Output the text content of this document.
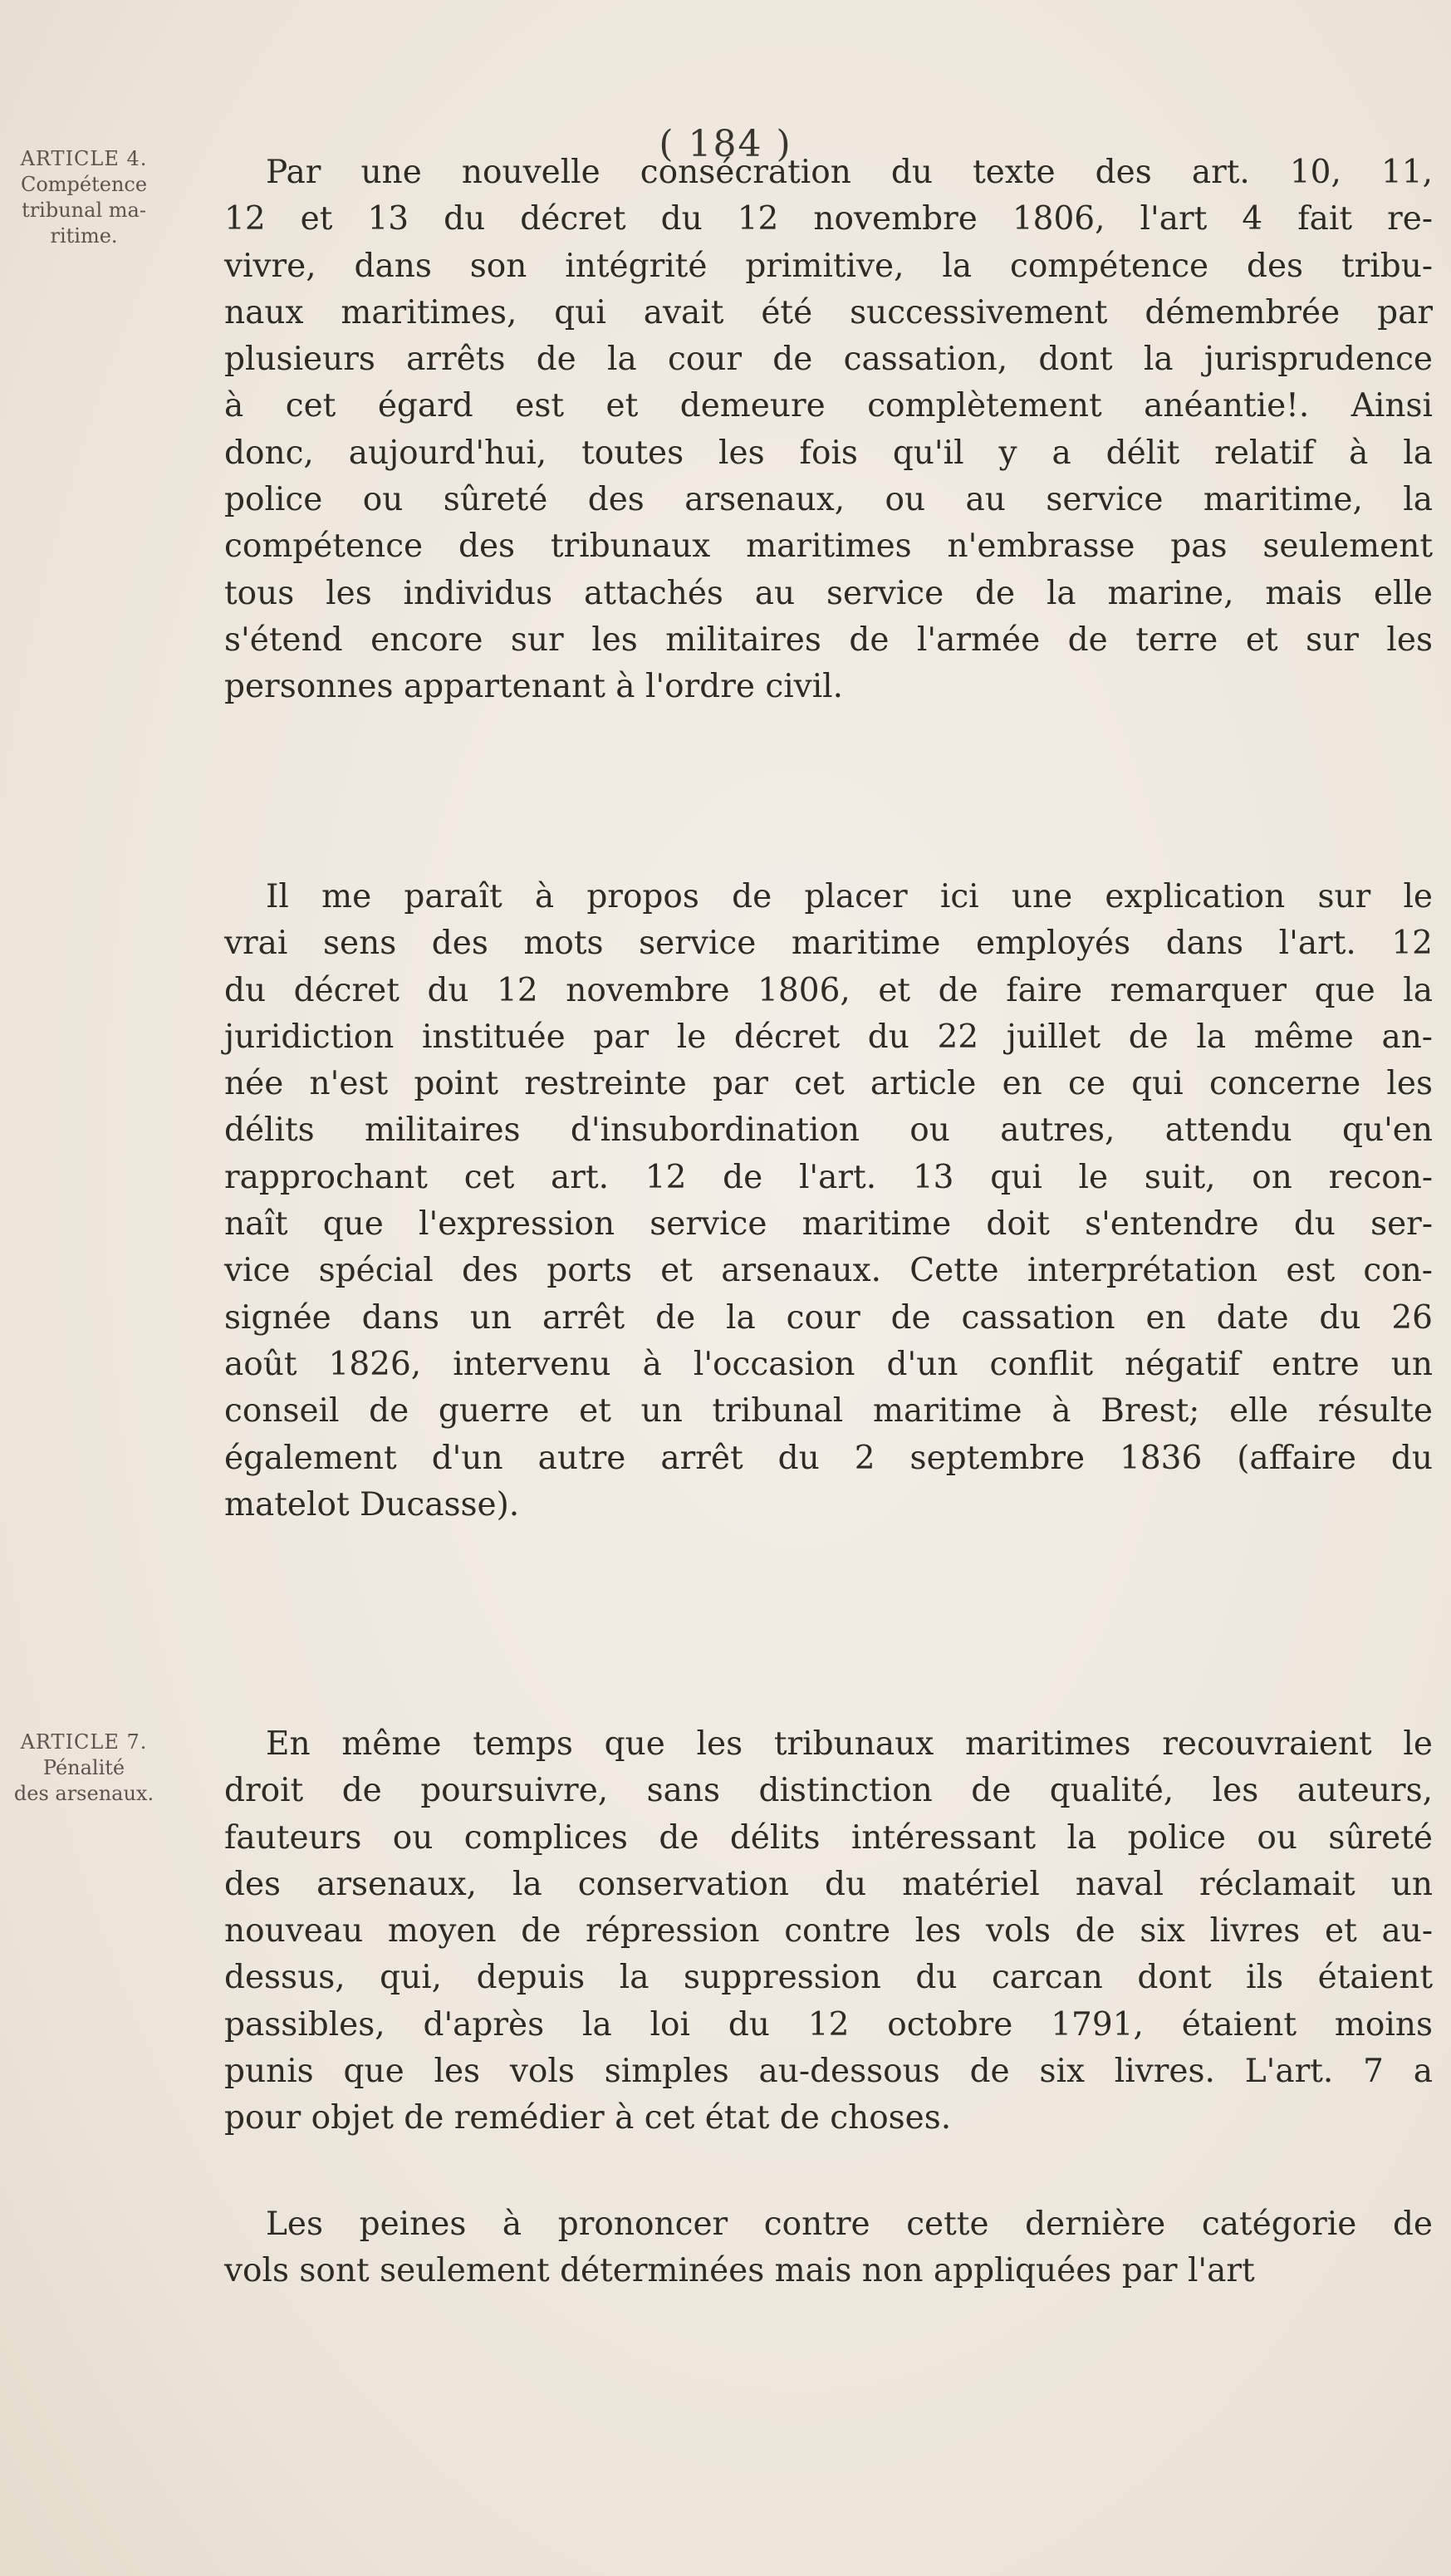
( 184 )
ARTICLE 4.
Compétence
tribunal ma-
ritime.
ARTICLE 7.
Pénalité
des arsenaux.

Par une nouvelle consécration du texte des art. 10, 11,
12 et 13 du décret du 12 novembre 1806, l'art 4 fait re-
vivre, dans son intégrité primitive, la compétence des tribu-
naux maritimes, qui avait été successivement démembrée par
plusieurs arrêts de la cour de cassation, dont la jurisprudence
à cet égard est et demeure complètement anéantie!. Ainsi
donc, aujourd'hui, toutes les fois qu'il y a délit relatif à la
police ou sûreté des arsenaux, ou au service maritime, la
compétence des tribunaux maritimes n'embrasse pas seulement
tous les individus attachés au service de la marine, mais elle
s'étend encore sur les militaires de l'armée de terre et sur les
personnes appartenant à l'ordre civil.

Il me paraît à propos de placer ici une explication sur le
vrai sens des mots service maritime employés dans l'art. 12
du décret du 12 novembre 1806, et de faire remarquer que la
juridiction instituée par le décret du 22 juillet de la même an-
née n'est point restreinte par cet article en ce qui concerne les
délits militaires d'insubordination ou autres, attendu qu'en
rapprochant cet art. 12 de l'art. 13 qui le suit, on recon-
naît que l'expression service maritime doit s'entendre du ser-
vice spécial des ports et arsenaux. Cette interprétation est con-
signée dans un arrêt de la cour de cassation en date du 26
août 1826, intervenu à l'occasion d'un conflit négatif entre un
conseil de guerre et un tribunal maritime à Brest; elle résulte
également d'un autre arrêt du 2 septembre 1836 (affaire du
matelot Ducasse).

En même temps que les tribunaux maritimes recouvraient le
droit de poursuivre, sans distinction de qualité, les auteurs,
fauteurs ou complices de délits intéressant la police ou sûreté
des arsenaux, la conservation du matériel naval réclamait un
nouveau moyen de répression contre les vols de six livres et au-
dessus, qui, depuis la suppression du carcan dont ils étaient
passibles, d'après la loi du 12 octobre 1791, étaient moins
punis que les vols simples au-dessous de six livres. L'art. 7 a
pour objet de remédier à cet état de choses.

Les peines à prononcer contre cette dernière catégorie de
vols sont seulement déterminées mais non appliquées par l'art
